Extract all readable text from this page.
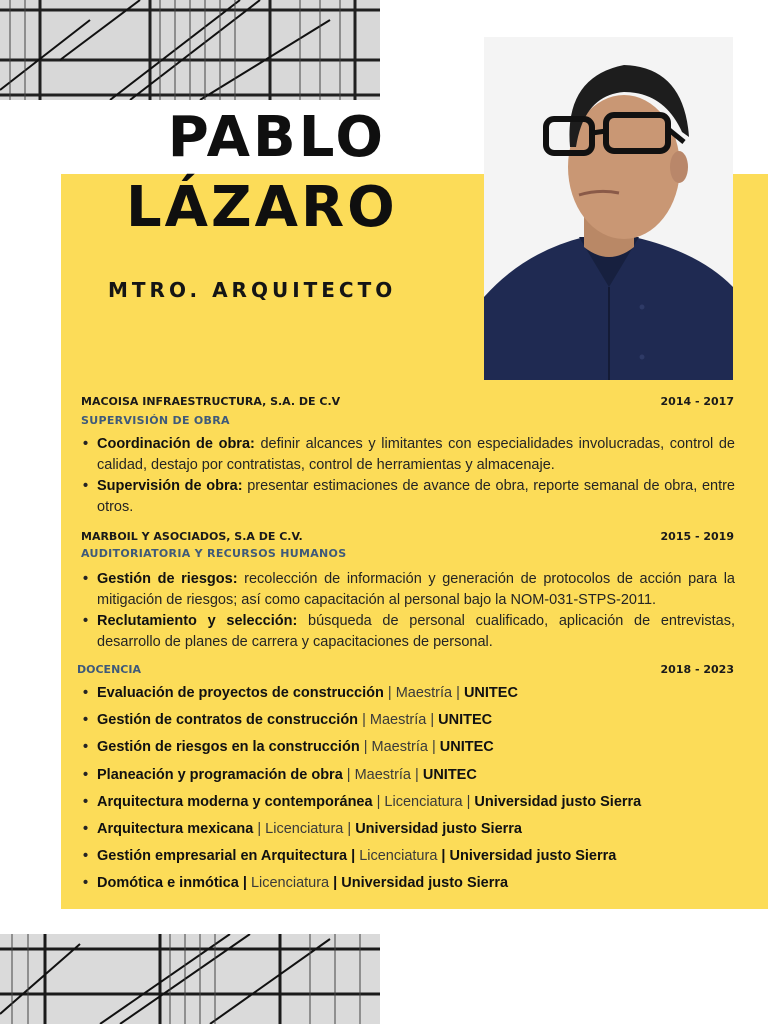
PABLO
LÁZARO
MTRO. ARQUITECTO
MACOISA INFRAESTRUCTURA, S.A. DE C.V	2014 - 2017
SUPERVISIÓN DE OBRA
• Coordinación de obra: definir alcances y limitantes con especialidades involucradas, control de calidad, destajo por contratistas, control de herramientas y almacenaje.
• Supervisión de obra: presentar estimaciones de avance de obra, reporte semanal de obra, entre otros.
MARBOIL Y ASOCIADOS, S.A DE C.V.	2015 - 2019
AUDITORIATORIA Y RECURSOS HUMANOS
• Gestión de riesgos: recolección de información y generación de protocolos de acción para la mitigación de riesgos; así como capacitación al personal bajo la NOM-031-STPS-2011.
• Reclutamiento y selección: búsqueda de personal cualificado, aplicación de entrevistas, desarrollo de planes de carrera y capacitaciones de personal.
DOCENCIA	2018 - 2023
• Evaluación de proyectos de construcción | Maestría | UNITEC
• Gestión de contratos de construcción | Maestría | UNITEC
• Gestión de riesgos en la construcción | Maestría | UNITEC
• Planeación y programación de obra | Maestría | UNITEC
• Arquitectura moderna y contemporánea | Licenciatura | Universidad justo Sierra
• Arquitectura mexicana | Licenciatura | Universidad justo Sierra
• Gestión empresarial en Arquitectura | Licenciatura | Universidad justo Sierra
• Domótica e inmótica | Licenciatura | Universidad justo Sierra
